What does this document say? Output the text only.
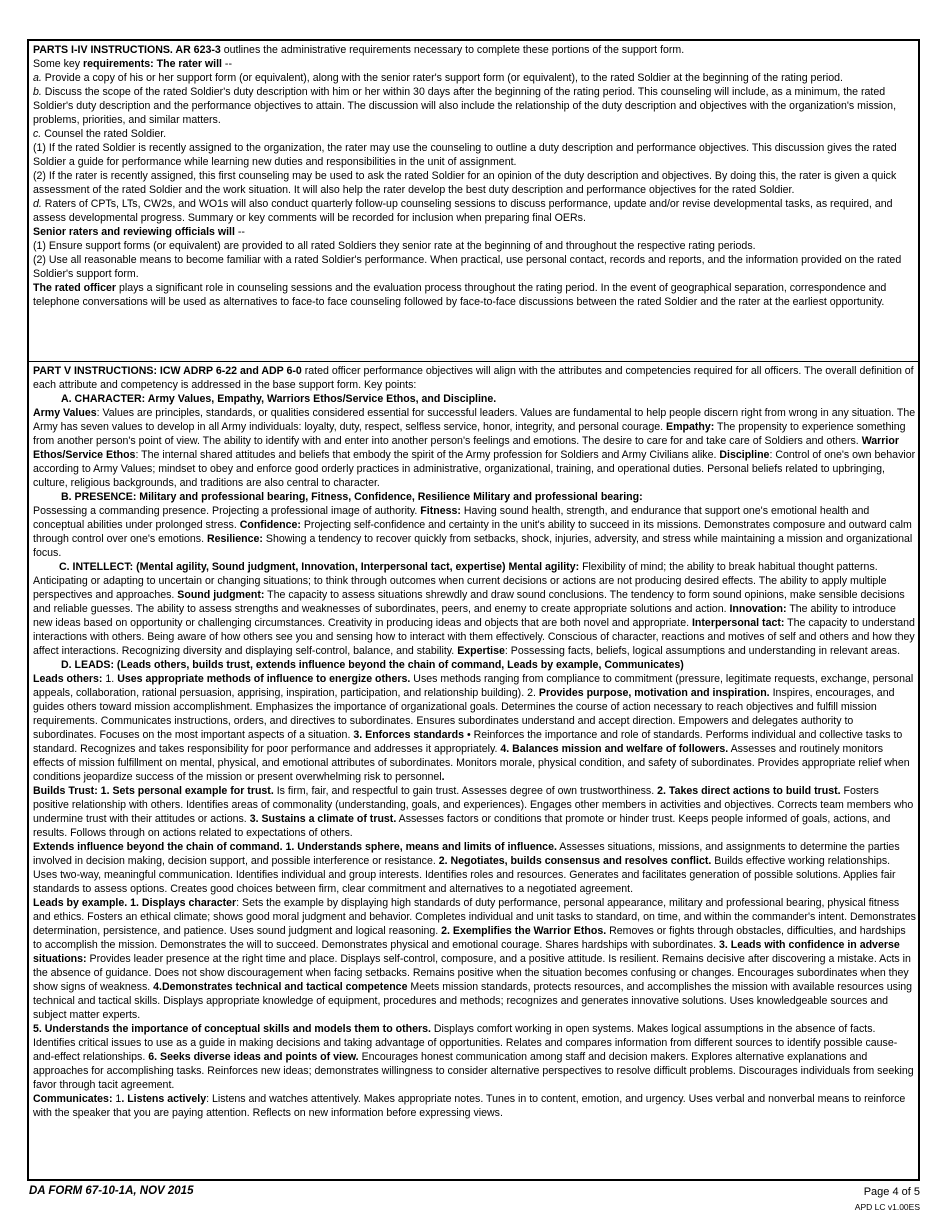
PARTS I-IV INSTRUCTIONS. AR 623-3 outlines the administrative requirements necessary to complete these portions of the support form.

Some key requirements: The rater will --

a. Provide a copy of his or her support form (or equivalent), along with the senior rater's support form (or equivalent), to the rated Soldier at the beginning of the rating period.

b. Discuss the scope of the rated Soldier's duty description with him or her within 30 days after the beginning of the rating period. This counseling will include, as a minimum, the rated Soldier's duty description and the performance objectives to attain. The discussion will also include the relationship of the duty description and objectives with the organization's mission, problems, priorities, and similar matters.

c. Counsel the rated Soldier.

(1) If the rated Soldier is recently assigned to the organization, the rater may use the counseling to outline a duty description and performance objectives. This discussion gives the rated Soldier a guide for performance while learning new duties and responsibilities in the unit of assignment.

(2) If the rater is recently assigned, this first counseling may be used to ask the rated Soldier for an opinion of the duty description and objectives. By doing this, the rater is given a quick assessment of the rated Soldier and the work situation. It will also help the rater develop the best duty description and performance objectives for the rated Soldier.

d. Raters of CPTs, LTs, CW2s, and WO1s will also conduct quarterly follow-up counseling sessions to discuss performance, update and/or revise developmental tasks, as required, and assess developmental progress. Summary or key comments will be recorded for inclusion when preparing final OERs.

Senior raters and reviewing officials will --

(1) Ensure support forms (or equivalent) are provided to all rated Soldiers they senior rate at the beginning of and throughout the respective rating periods.

(2) Use all reasonable means to become familiar with a rated Soldier's performance. When practical, use personal contact, records and reports, and the information provided on the rated Soldier's support form.

The rated officer plays a significant role in counseling sessions and the evaluation process throughout the rating period. In the event of geographical separation, correspondence and telephone conversations will be used as alternatives to face-to face counseling followed by face-to-face discussions between the rated Soldier and the rater at the earliest opportunity.

PART V INSTRUCTIONS: ICW ADRP 6-22 and ADP 6-0 rated officer performance objectives will align with the attributes and competencies required for all officers. The overall definition of each attribute and competency is addressed in the base support form. Key points:

A. CHARACTER: Army Values, Empathy, Warriors Ethos/Service Ethos, and Discipline.

Army Values: Values are principles, standards, or qualities considered essential for successful leaders. Values are fundamental to help people discern right from wrong in any situation. The Army has seven values to develop in all Army individuals: loyalty, duty, respect, selfless service, honor, integrity, and personal courage. Empathy: The propensity to experience something from another person's point of view. The ability to identify with and enter into another person's feelings and emotions. The desire to care for and take care of Soldiers and others. Warrior Ethos/Service Ethos: The internal shared attitudes and beliefs that embody the spirit of the Army profession for Soldiers and Army Civilians alike. Discipline: Control of one's own behavior according to Army Values; mindset to obey and enforce good orderly practices in administrative, organizational, training, and operational duties. Personal beliefs related to upbringing, culture, religious backgrounds, and traditions are also central to character.

B. PRESENCE: Military and professional bearing, Fitness, Confidence, Resilience Military and professional bearing:

Possessing a commanding presence. Projecting a professional image of authority. Fitness: Having sound health, strength, and endurance that support one's emotional health and conceptual abilities under prolonged stress. Confidence: Projecting self-confidence and certainty in the unit's ability to succeed in its missions. Demonstrates composure and outward calm through control over one's emotions. Resilience: Showing a tendency to recover quickly from setbacks, shock, injuries, adversity, and stress while maintaining a mission and organizational focus.

C. INTELLECT: (Mental agility, Sound judgment, Innovation, Interpersonal tact, expertise) Mental agility: Flexibility of mind; the ability to break habitual thought patterns. Anticipating or adapting to uncertain or changing situations; to think through outcomes when current decisions or actions are not producing desired effects. The ability to apply multiple perspectives and approaches. Sound judgment: The capacity to assess situations shrewdly and draw sound conclusions. The tendency to form sound opinions, make sensible decisions and reliable guesses. The ability to assess strengths and weaknesses of subordinates, peers, and enemy to create appropriate solutions and action. Innovation: The ability to introduce new ideas based on opportunity or challenging circumstances. Creativity in producing ideas and objects that are both novel and appropriate. Interpersonal tact: The capacity to understand interactions with others. Being aware of how others see you and sensing how to interact with them effectively. Conscious of character, reactions and motives of self and others and how they affect interactions. Recognizing diversity and displaying self-control, balance, and stability. Expertise: Possessing facts, beliefs, logical assumptions and understanding in relevant areas.

D. LEADS: (Leads others, builds trust, extends influence beyond the chain of command, Leads by example, Communicates)

Leads others: 1. Uses appropriate methods of influence to energize others. Uses methods ranging from compliance to commitment (pressure, legitimate requests, exchange, personal appeals, collaboration, rational persuasion, apprising, inspiration, participation, and relationship building). 2. Provides purpose, motivation and inspiration. Inspires, encourages, and guides others toward mission accomplishment. Emphasizes the importance of organizational goals. Determines the course of action necessary to reach objectives and fulfill mission requirements. Communicates instructions, orders, and directives to subordinates. Ensures subordinates understand and accept direction. Empowers and delegates authority to subordinates. Focuses on the most important aspects of a situation. 3. Enforces standards • Reinforces the importance and role of standards. Performs individual and collective tasks to standard. Recognizes and takes responsibility for poor performance and addresses it appropriately. 4. Balances mission and welfare of followers. Assesses and routinely monitors effects of mission fulfillment on mental, physical, and emotional attributes of subordinates. Monitors morale, physical condition, and safety of subordinates. Provides appropriate relief when conditions jeopardize success of the mission or present overwhelming risk to personnel.

Builds Trust: 1. Sets personal example for trust. Is firm, fair, and respectful to gain trust. Assesses degree of own trustworthiness. 2. Takes direct actions to build trust. Fosters positive relationship with others. Identifies areas of commonality (understanding, goals, and experiences). Engages other members in activities and objectives. Corrects team members who undermine trust with their attitudes or actions. 3. Sustains a climate of trust. Assesses factors or conditions that promote or hinder trust. Keeps people informed of goals, actions, and results. Follows through on actions related to expectations of others.

Extends influence beyond the chain of command. 1. Understands sphere, means and limits of influence. Assesses situations, missions, and assignments to determine the parties involved in decision making, decision support, and possible interference or resistance. 2. Negotiates, builds consensus and resolves conflict. Builds effective working relationships. Uses two-way, meaningful communication. Identifies individual and group interests. Identifies roles and resources. Generates and facilitates generation of possible solutions. Applies fair standards to assess options. Creates good choices between firm, clear commitment and alternatives to a negotiated agreement.

Leads by example. 1. Displays character: Sets the example by displaying high standards of duty performance, personal appearance, military and professional bearing, physical fitness and ethics. Fosters an ethical climate; shows good moral judgment and behavior. Completes individual and unit tasks to standard, on time, and within the commander's intent. Demonstrates determination, persistence, and patience. Uses sound judgment and logical reasoning. 2. Exemplifies the Warrior Ethos. Removes or fights through obstacles, difficulties, and hardships to accomplish the mission. Demonstrates the will to succeed. Demonstrates physical and emotional courage. Shares hardships with subordinates. 3. Leads with confidence in adverse situations: Provides leader presence at the right time and place. Displays self-control, composure, and a positive attitude. Is resilient. Remains decisive after discovering a mistake. Acts in the absence of guidance. Does not show discouragement when facing setbacks. Remains positive when the situation becomes confusing or changes. Encourages subordinates when they show signs of weakness. 4.Demonstrates technical and tactical competence Meets mission standards, protects resources, and accomplishes the mission with available resources using technical and tactical skills. Displays appropriate knowledge of equipment, procedures and methods; recognizes and generates innovative solutions. Uses knowledgeable sources and subject matter experts.

5. Understands the importance of conceptual skills and models them to others. Displays comfort working in open systems. Makes logical assumptions in the absence of facts. Identifies critical issues to use as a guide in making decisions and taking advantage of opportunities. Relates and compares information from different sources to identify possible cause-and-effect relationships. 6. Seeks diverse ideas and points of view. Encourages honest communication among staff and decision makers. Explores alternative explanations and approaches for accomplishing tasks. Reinforces new ideas; demonstrates willingness to consider alternative perspectives to resolve difficult problems. Discourages individuals from seeking favor through tacit agreement.

Communicates: 1. Listens actively: Listens and watches attentively. Makes appropriate notes. Tunes in to content, emotion, and urgency. Uses verbal and nonverbal means to reinforce with the speaker that you are paying attention. Reflects on new information before expressing views.

DA FORM 67-10-1A, NOV 2015	Page 4 of 5
APD LC v1.00ES
